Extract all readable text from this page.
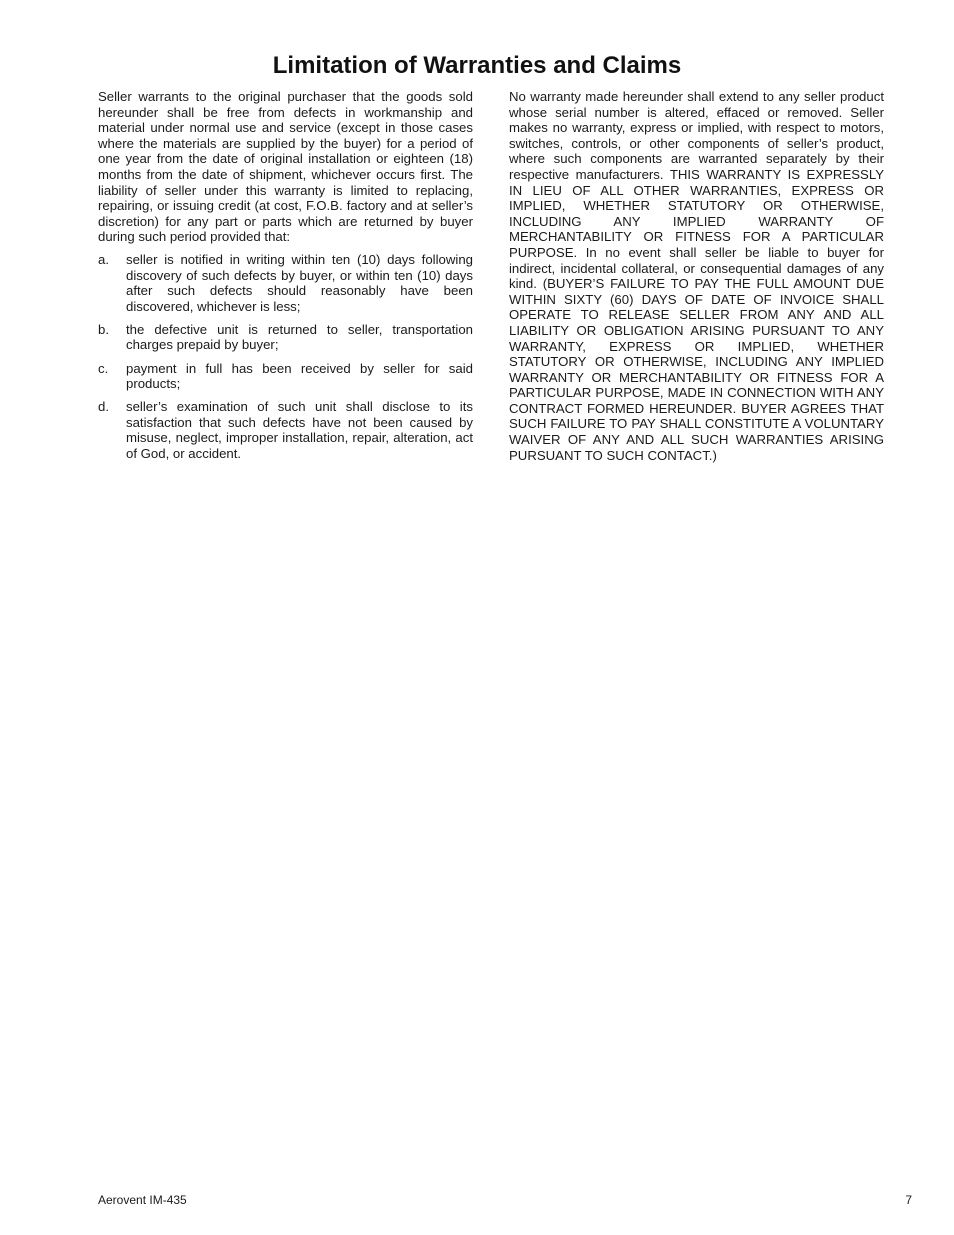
Limitation of Warranties and Claims

Seller warrants to the original purchaser that the goods sold hereunder shall be free from defects in workmanship and material under normal use and service (except in those cases where the materials are supplied by the buyer) for a period of one year from the date of original installation or eighteen (18) months from the date of shipment, whichever occurs first. The liability of seller under this warranty is limited to replacing, repairing, or issuing credit (at cost, F.O.B. factory and at seller’s discretion) for any part or parts which are returned by buyer during such period provided that:

a.	seller is notified in writing within ten (10) days following discovery of such defects by buyer, or within ten (10) days after such defects should reasonably have been discovered, whichever is less;
b.	the defective unit is returned to seller, transportation charges prepaid by buyer;
c.	payment in full has been received by seller for said products;
d.	seller’s examination of such unit shall disclose to its satisfaction that such defects have not been caused by misuse, neglect, improper installation, repair, alteration, act of God, or accident.

No warranty made hereunder shall extend to any seller product whose serial number is altered, effaced or removed. Seller makes no warranty, express or implied, with respect to motors, switches, controls, or other components of seller’s product, where such components are warranted separately by their respective manufacturers. THIS WARRANTY IS EXPRESSLY IN LIEU OF ALL OTHER WARRANTIES, EXPRESS OR IMPLIED, WHETHER STATUTORY OR OTHERWISE, INCLUDING ANY IMPLIED WARRANTY OF MERCHANTABILITY OR FITNESS FOR A PARTICULAR PURPOSE. In no event shall seller be liable to buyer for indirect, incidental collateral, or consequential damages of any kind. (BUYER’S FAILURE TO PAY THE FULL AMOUNT DUE WITHIN SIXTY (60) DAYS OF DATE OF INVOICE SHALL OPERATE TO RELEASE SELLER FROM ANY AND ALL LIABILITY OR OBLIGATION ARISING PURSUANT TO ANY WARRANTY, EXPRESS OR IMPLIED, WHETHER STATUTORY OR OTHERWISE, INCLUDING ANY IMPLIED WARRANTY OR MERCHANTABILITY OR FITNESS FOR A PARTICULAR PURPOSE, MADE IN CONNECTION WITH ANY CONTRACT FORMED HEREUNDER. BUYER AGREES THAT SUCH FAILURE TO PAY SHALL CONSTITUTE A VOLUNTARY WAIVER OF ANY AND ALL SUCH WARRANTIES ARISING PURSUANT TO SUCH CONTACT.)

Aerovent IM-435	7
